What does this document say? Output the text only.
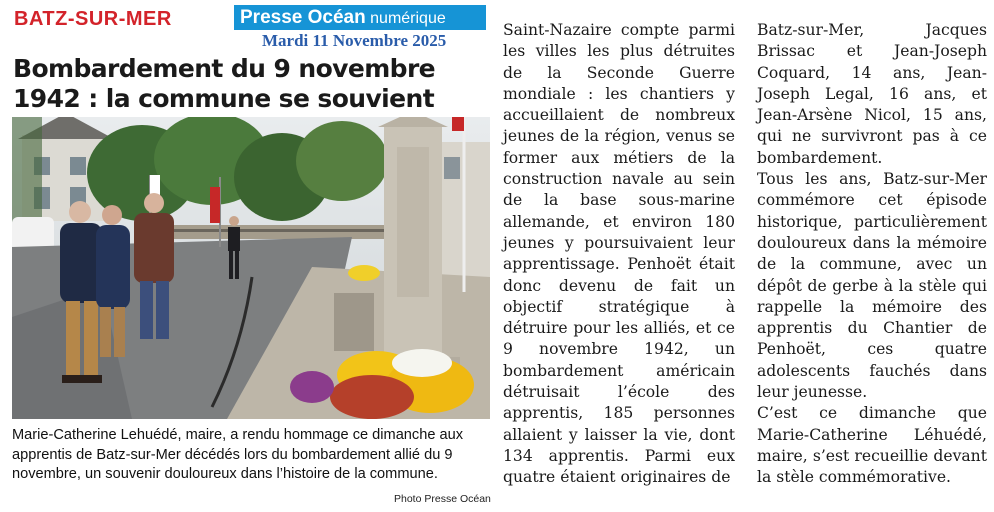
BATZ-SUR-MER	Presse Océan numérique
Mardi 11 Novembre 2025
Bombardement du 9 novembre 1942 : la commune se souvient

Marie-Catherine Lehuédé, maire, a rendu hommage ce dimanche aux apprentis de Batz-sur-Mer décédés lors du bombardement allié du 9 novembre, un souvenir douloureux dans l’histoire de la commune.

Photo Presse Océan

Saint-Nazaire compte parmi les villes les plus détruites de la Seconde Guerre mondiale : les chantiers y accueillaient de nombreux jeunes de la région, venus se former aux métiers de la construction navale au sein de la base sous-marine allemande, et environ 180 jeunes y poursuivaient leur apprentissage. Penhoët était donc devenu de fait un objectif stratégique à détruire pour les alliés, et ce 9 novembre 1942, un bombardement américain détruisait l’école des apprentis, 185 personnes allaient y laisser la vie, dont 134 apprentis. Parmi eux quatre étaient originaires de

Batz-sur-Mer, Jacques Brissac et Jean-Joseph Coquard, 14 ans, Jean-Joseph Legal, 16 ans, et Jean-Arsène Nicol, 15 ans, qui ne survivront pas à ce bombardement.
Tous les ans, Batz-sur-Mer commémore cet épisode historique, particulièrement douloureux dans la mémoire de la commune, avec un dépôt de gerbe à la stèle qui rappelle la mémoire des apprentis du Chantier de Penhoët, ces quatre adolescents fauchés dans leur jeunesse.
C’est ce dimanche que Marie-Catherine Léhuédé, maire, s’est recueillie devant la stèle commémorative.
